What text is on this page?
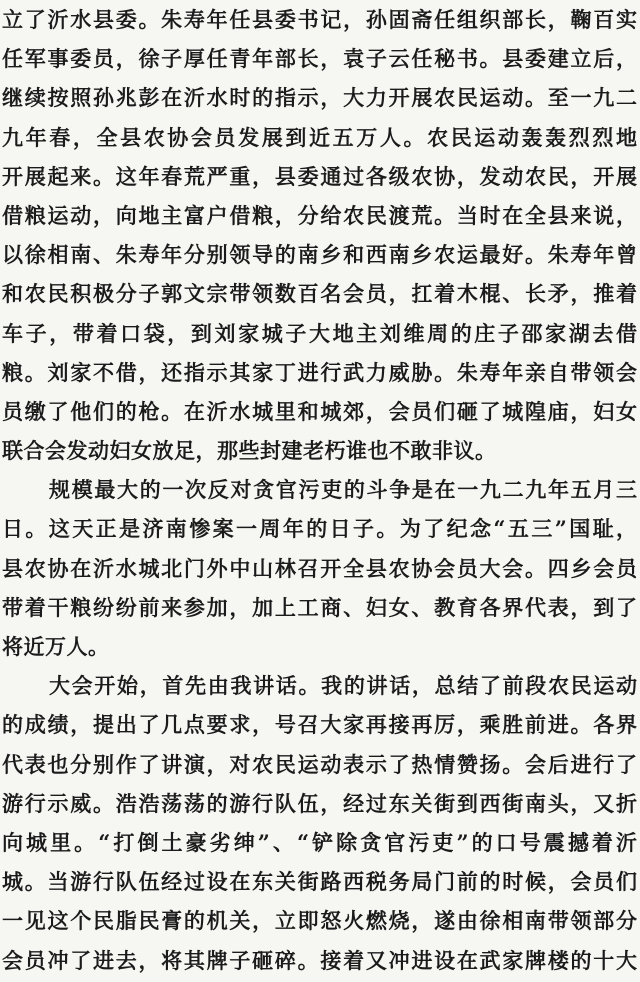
立了沂水县委。朱寿年任县委书记，孙固斋任组织部长，鞠百实
任军事委员，徐子厚任青年部长，袁子云任秘书。县委建立后，
继续按照孙兆彭在沂水时的指示，大力开展农民运动。至一九二
九年春，全县农协会员发展到近五万人。农民运动轰轰烈烈地
开展起来。这年春荒严重，县委通过各级农协，发动农民，开展
借粮运动，向地主富户借粮，分给农民渡荒。当时在全县来说，
以徐相南、朱寿年分别领导的南乡和西南乡农运最好。朱寿年曾
和农民积极分子郭文宗带领数百名会员，扛着木棍、长矛，推着
车子，带着口袋，到刘家城子大地主刘维周的庄子邵家湖去借
粮。刘家不借，还指示其家丁进行武力威胁。朱寿年亲自带领会
员缴了他们的枪。在沂水城里和城郊，会员们砸了城隍庙，妇女
联合会发动妇女放足，那些封建老朽谁也不敢非议。
规模最大的一次反对贪官污吏的斗争是在一九二九年五月三
日。这天正是济南惨案一周年的日子。为了纪念“五三”国耻，
县农协在沂水城北门外中山林召开全县农协会员大会。四乡会员
带着干粮纷纷前来参加，加上工商、妇女、教育各界代表，到了
将近万人。
大会开始，首先由我讲话。我的讲话，总结了前段农民运动
的成绩，提出了几点要求，号召大家再接再厉，乘胜前进。各界
代表也分别作了讲演，对农民运动表示了热情赞扬。会后进行了
游行示威。浩浩荡荡的游行队伍，经过东关街到西街南头，又折
向城里。“打倒土豪劣绅”、“铲除贪官污吏”的口号震撼着沂
城。当游行队伍经过设在东关街路西税务局门前的时候，会员们
一见这个民脂民膏的机关，立即怒火燃烧，遂由徐相南带领部分
会员冲了进去，将其牌子砸碎。接着又冲进设在武家牌楼的十大
